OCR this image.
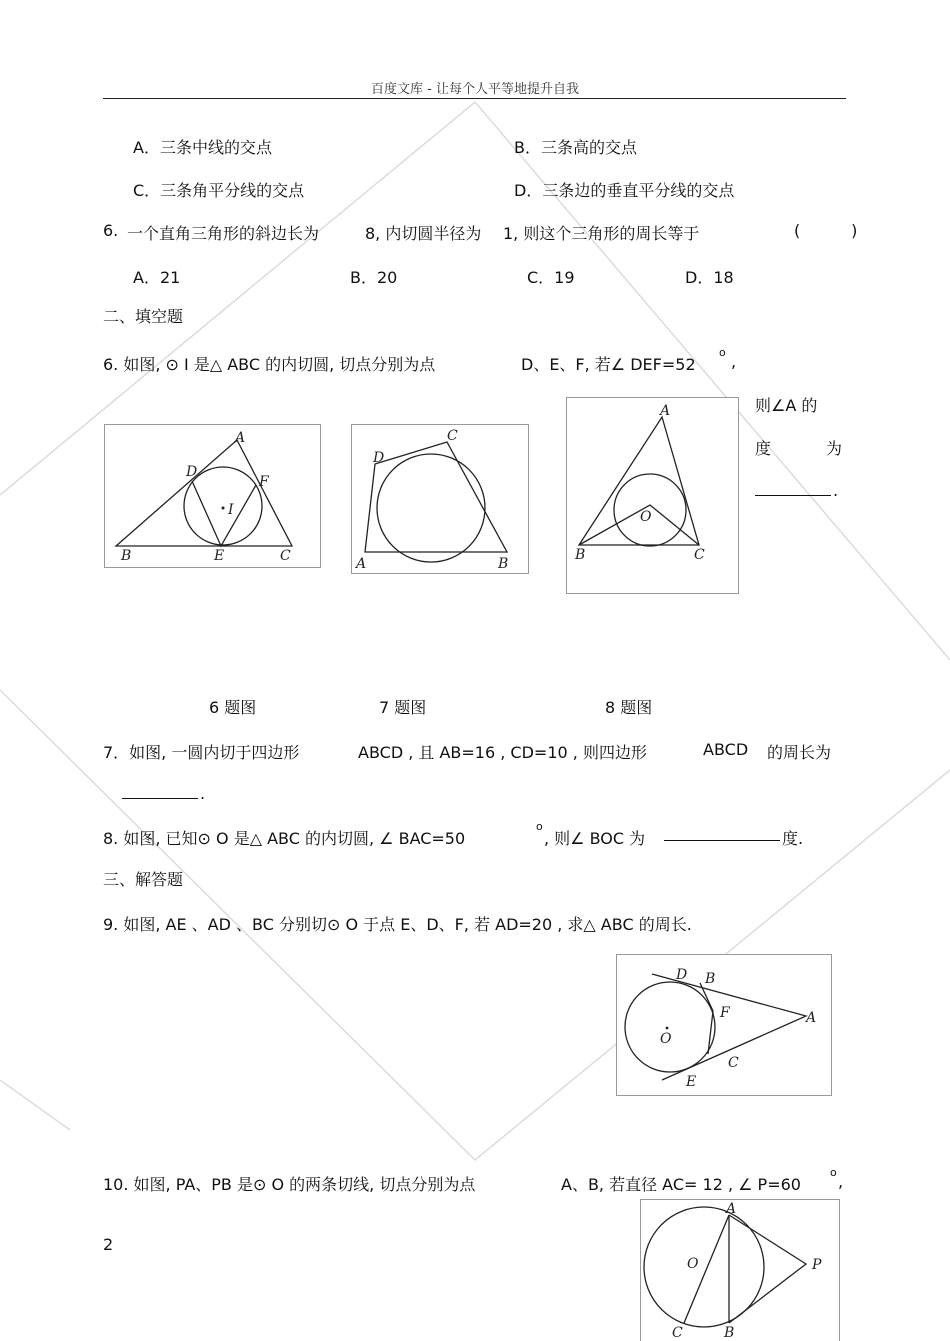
百度文库 - 让每个人平等地提升自我
A．三条中线的交点	B．三条高的交点
C．三条角平分线的交点	D．三条边的垂直平分线的交点
6. 一个直角三角形的斜边长为	8, 内切圆半径为 1, 则这个三角形的周长等于	(          )
A．21	B．20	C．19	D．18
二、填空题
6. 如图, ⊙ I 是△ ABC 的内切圆, 切点分别为点	D、E、F, 若∠ DEF=52
o ,
则∠A 的
度	为
.
A
B	C
D
E
F
I
A	B
C
D
A
B	C
O
6 题图	7 题图	8 题图
7．如图, 一圆内切于四边形	ABCD , 且 AB=16 , CD=10 , 则四边形	ABCD 的周长为
.
8. 如图, 已知⊙ O 是△ ABC 的内切圆, ∠ BAC=50
o
, 则∠ BOC 为	度.
三、解答题
9. 如图, AE 、AD 、BC 分别切⊙ O 于点 E、D、F, 若 AD=20 , 求△ ABC 的周长.
D B
F	A
C
E
O
10. 如图, PA、PB 是⊙ O 的两条切线, 切点分别为点	A、B, 若直径 AC= 12 , ∠ P=60
o ,
A
O	P
C	B
2
